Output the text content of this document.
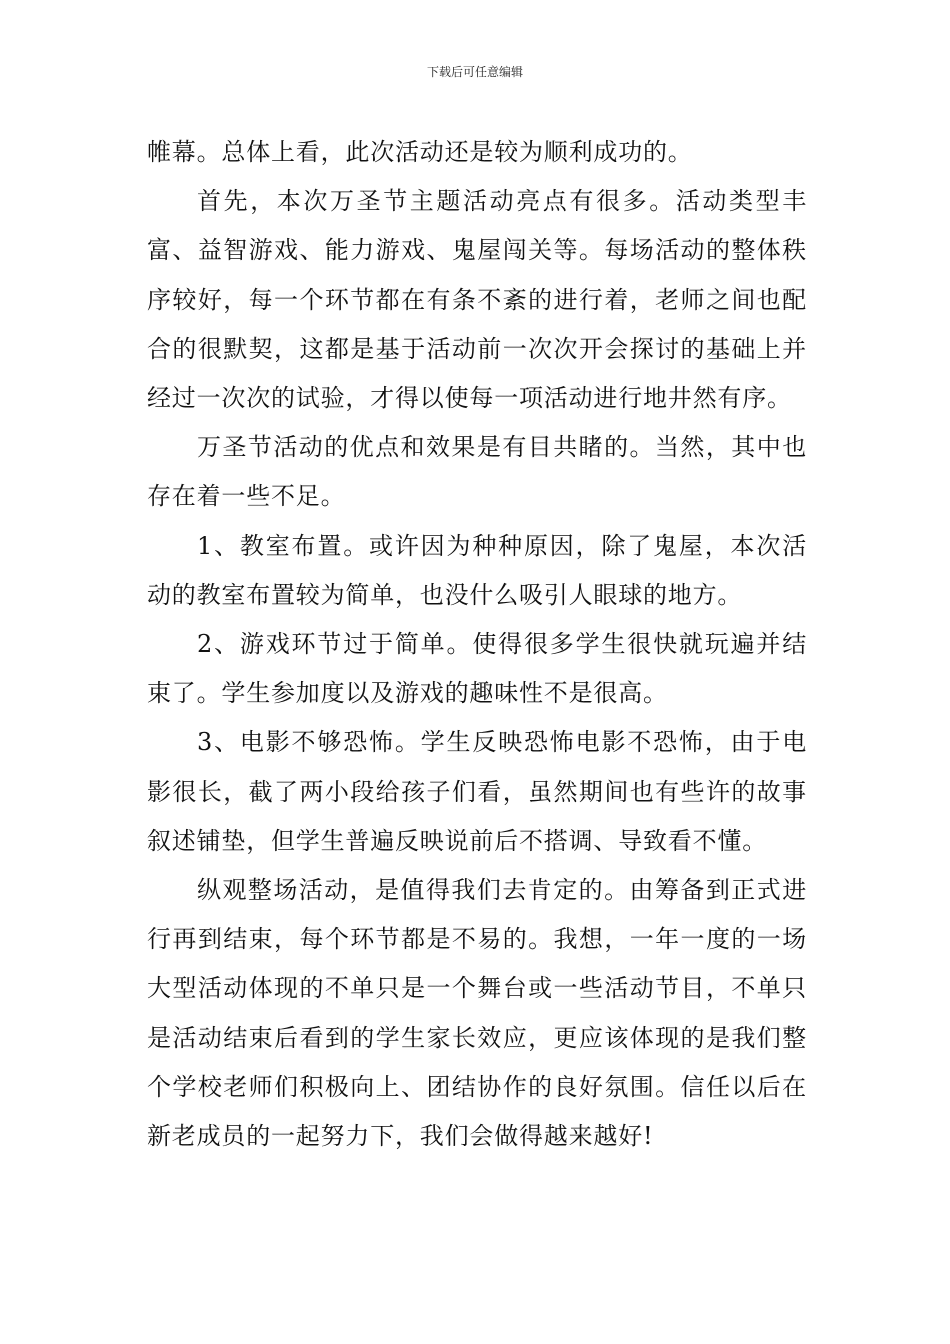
下载后可任意编辑

帷幕。总体上看，此次活动还是较为顺利成功的。

首先，本次万圣节主题活动亮点有很多。活动类型丰富、益智游戏、能力游戏、鬼屋闯关等。每场活动的整体秩序较好，每一个环节都在有条不紊的进行着，老师之间也配合的很默契，这都是基于活动前一次次开会探讨的基础上并经过一次次的试验，才得以使每一项活动进行地井然有序。

万圣节活动的优点和效果是有目共睹的。当然，其中也存在着一些不足。

1、教室布置。或许因为种种原因，除了鬼屋，本次活动的教室布置较为简单，也没什么吸引人眼球的地方。

2、游戏环节过于简单。使得很多学生很快就玩遍并结束了。学生参加度以及游戏的趣味性不是很高。

3、电影不够恐怖。学生反映恐怖电影不恐怖，由于电影很长，截了两小段给孩子们看，虽然期间也有些许的故事叙述铺垫，但学生普遍反映说前后不搭调、导致看不懂。

纵观整场活动，是值得我们去肯定的。由筹备到正式进行再到结束，每个环节都是不易的。我想，一年一度的一场大型活动体现的不单只是一个舞台或一些活动节目，不单只是活动结束后看到的学生家长效应，更应该体现的是我们整个学校老师们积极向上、团结协作的良好氛围。信任以后在新老成员的一起努力下，我们会做得越来越好!
